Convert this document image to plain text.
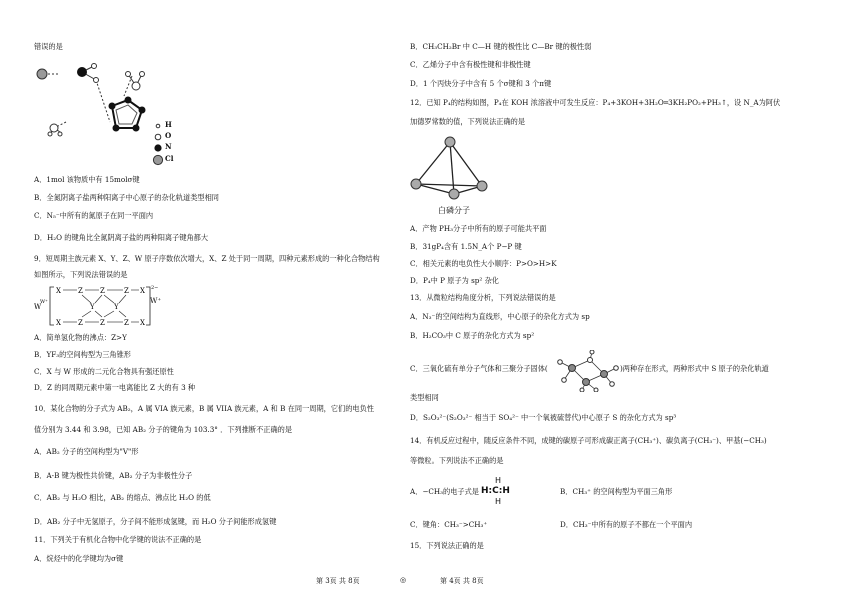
错误的是
H
O
N
Cl
A．1mol 该物质中有 15molσ键
B．全氮阴离子盐两种阳离子中心原子的杂化轨道类型相同
C．N₅⁻中所有的氮原子在同一平面内
D．H₂O 的键角比全氮阴离子盐的两种阳离子键角都大
9．短周期主族元素 X、Y、Z、W 原子序数依次增大，X、Z 处于同一周期，四种元素形成的一种化合物结构
如图所示，下列说法错误的是
W
W⁺
X Z Z	Z X
Y	Y
X Z Z	Z X
2−
W⁺
A．简单氢化物的沸点：Z>Y
B．YF₃的空间构型为三角锥形
C．X 与 W 形成的二元化合物具有强还原性
D．Z 的同周期元素中第一电离能比 Z 大的有 3 种
10．某化合物的分子式为 AB₂，A 属 VIA 族元素，B 属 VIIA 族元素，A 和 B 在同一周期，它们的电负性
值分别为 3.44 和 3.98，已知 AB₂ 分子的键角为 103.3° ．下列推断不正确的是
A．AB₂ 分子的空间构型为"V"形
B．A-B 键为极性共价键，AB₂ 分子为非极性分子
C．AB₂ 与 H₂O 相比，AB₂ 的熔点、沸点比 H₂O 的低
D．AB₂ 分子中无氢原子，分子间不能形成氢键，而 H₂O 分子间能形成氢键
11．下列关于有机化合物中化学键的说法不正确的是
A．烷烃中的化学键均为σ键
B．CH₃CH₂Br 中 C—H 键的极性比 C—Br 键的极性弱
C．乙烯分子中含有极性键和非极性键
D．1 个丙炔分子中含有 5 个σ键和 3 个π键
12．已知 P₄的结构如图，P₄在 KOH 浓溶液中可发生反应：P₄+3KOH+3H₂O═3KH₂PO₂+PH₃↑，设 N_A为阿伏
加德罗常数的值，下列说法正确的是
白磷分子
A．产物 PH₃分子中所有的原子可能共平面
B．31gP₄含有 1.5N_A个 P−P 键
C．相关元素的电负性大小顺序：P>O>H>K
D．P₄中 P 原子为 sp² 杂化
13．从微粒结构角度分析，下列说法错误的是
A．N₃⁻的空间结构为直线形，中心原子的杂化方式为 sp
B．H₂CO₃中 C 原子的杂化方式为 sp²
C．三氧化硫有单分子气体和三聚分子固体(	)两种存在形式，两种形式中 S 原子的杂化轨道
类型相同
D．S₂O₃²⁻(S₂O₃²⁻ 相当于 SO₄²⁻ 中一个氧被硫替代)中心原子 S 的杂化方式为 sp³
14．有机反应过程中，随反应条件不同，成键的碳原子可形成碳正离子(CH₃⁺)、碳负离子(CH₃⁻)、甲基(−CH₃)
等微粒。下列说法不正确的是
A．−CH₃的电子式是
H
H:C:H
H
B．CH₃⁺ 的空间构型为平面三角形
C．键角：CH₃⁻>CH₃⁺	D．CH₃⁻中所有的原子不都在一个平面内
15．下列说法正确的是
第 3页 共 8页	◎	第 4页 共 8页
